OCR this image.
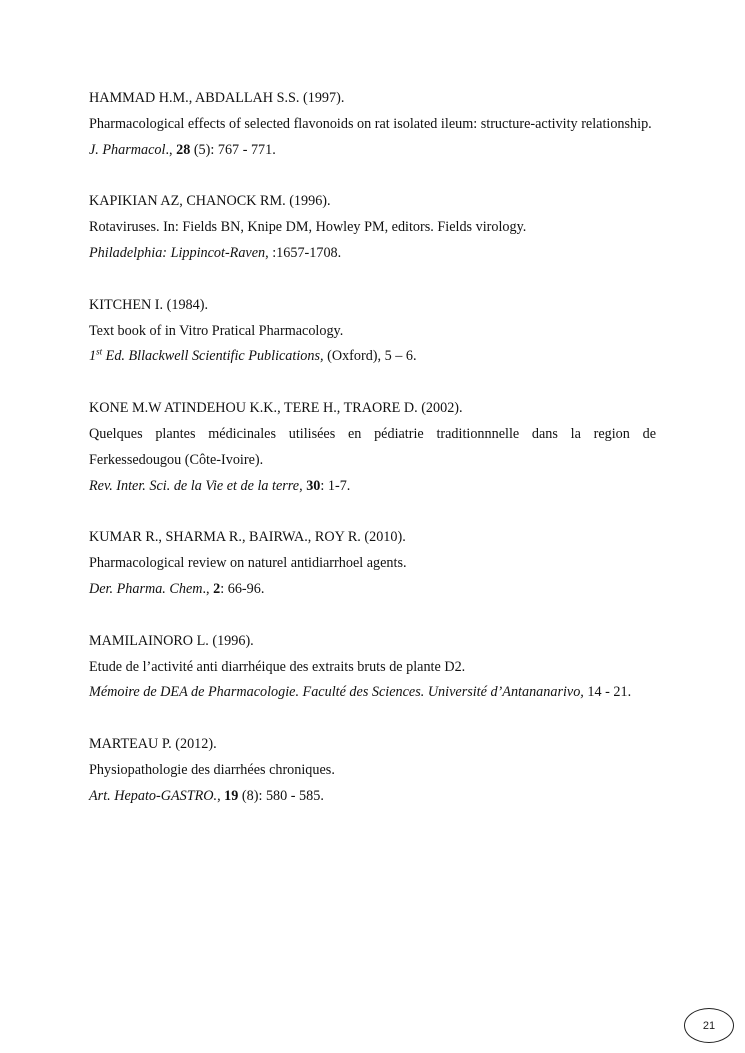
HAMMAD H.M., ABDALLAH S.S. (1997).

Pharmacological effects of selected flavonoids on rat isolated ileum: structure-activity relationship.

J. Pharmacol., 28 (5): 767 - 771.

KAPIKIAN AZ, CHANOCK RM. (1996).

Rotaviruses. In: Fields BN, Knipe DM, Howley PM, editors. Fields virology.

Philadelphia: Lippincot-Raven, :1657-1708.

KITCHEN I. (1984).

Text book of in Vitro Pratical Pharmacology.

1st Ed. Bllackwell Scientific Publications, (Oxford), 5 – 6.

KONE M.W ATINDEHOU K.K., TERE H., TRAORE D. (2002).

Quelques plantes médicinales utilisées en pédiatrie traditionnnelle dans la region de Ferkessedougou (Côte-Ivoire).

Rev. Inter. Sci. de la Vie et de la terre, 30: 1-7.

KUMAR R., SHARMA R., BAIRWA., ROY R. (2010).

Pharmacological review on naturel antidiarrhoel agents.

Der. Pharma. Chem., 2: 66-96.

MAMILAINORO L. (1996).

Etude de l’activité anti diarrhéique des extraits bruts de plante D2.

Mémoire de DEA de Pharmacologie. Faculté des Sciences. Université d’Antananarivo, 14 - 21.

MARTEAU P. (2012).

Physiopathologie des diarrhées chroniques.

Art. Hepato-GASTRO., 19 (8): 580 - 585.

21
